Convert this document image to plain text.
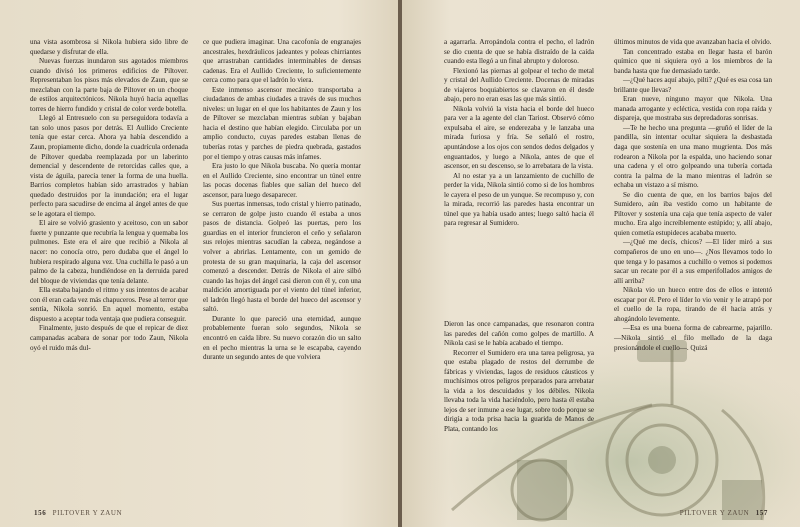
una vista asombrosa si Nikola hubiera sido libre de quedarse y disfrutar de ella.

Nuevas fuerzas inundaron sus agotados miembros cuando divisó los primeros edificios de Piltover. Representaban los pisos más elevados de Zaun, que se mezclaban con la parte baja de Piltover en un choque de estilos arquitectónicos. Nikola huyó hacia aquellas torres de hierro fundido y cristal de color verde botella.

Llegó al Entresuelo con su perseguidora todavía a tan solo unos pasos por detrás. El Aullido Creciente tenía que estar cerca. Ahora ya había descendido a Zaun, propiamente dicho, donde la cuadrícula ordenada de Piltover quedaba reemplazada por un laberinto demencial y descendente de retorcidas calles que, a vista de águila, parecía tener la forma de una huella. Barrios completos habían sido arrastrados y habían quedado destruidos por la inundación; era el lugar perfecto para sacudirse de encima al ángel antes de que se le agotara el tiempo.

El aire se volvió grasiento y aceitoso, con un sabor fuerte y punzante que recubría la lengua y quemaba los pulmones. Este era el aire que recibió a Nikola al nacer: no conocía otro, pero dudaba que el ángel lo hubiera respirado alguna vez. Una cuchilla le pasó a un palmo de la cabeza, hundiéndose en la derruida pared del bloque de viviendas que tenía delante.

Ella estaba bajando el ritmo y sus intentos de acabar con él eran cada vez más chapuceros. Pese al terror que sentía, Nikola sonrió. En aquel momento, estaba dispuesto a aceptar toda ventaja que pudiera conseguir.

Finalmente, justo después de que el repicar de diez campanadas acabara de sonar por todo Zaun, Nikola oyó el ruido más dul-

ce que pudiera imaginar. Una cacofonía de engranajes ancestrales, hexdráulicos jadeantes y poleas chirriantes que arrastraban cantidades interminables de densas cadenas. Era el Aullido Creciente, lo suficientemente cerca como para que el ladrón lo viera.

Este inmenso ascensor mecánico transportaba a ciudadanos de ambas ciudades a través de sus muchos niveles: un lugar en el que los habitantes de Zaun y los de Piltover se mezclaban mientras subían y bajaban hacia el destino que habían elegido. Circulaba por un amplio conducto, cuyas paredes estaban llenas de tuberías rotas y parches de piedra quebrada, gastados por el tiempo y otras causas más infames.

Era justo lo que Nikola buscaba. No quería montar en el Aullido Creciente, sino encontrar un túnel entre las pocas docenas fiables que salían del hueco del ascensor, para luego desaparecer.

Sus puertas inmensas, todo cristal y hierro patinado, se cerraron de golpe justo cuando él estaba a unos pasos de distancia. Golpeó las puertas, pero los guardias en el interior fruncieron el ceño y señalaron sus relojes mientras sacudían la cabeza, negándose a volver a abrirlas. Lentamente, con un gemido de protesta de su gran maquinaria, la caja del ascensor comenzó a descender. Detrás de Nikola el aire silbó cuando las hojas del ángel casi dieron con él y, con una maldición amortiguada por el viento del túnel inferior, el ladrón llegó hasta el borde del hueco del ascensor y saltó.

Durante lo que pareció una eternidad, aunque probablemente fueran solo segundos, Nikola se encontró en caída libre. Su nuevo corazón dio un salto en el pecho mientras la urna se le escapaba, cayendo durante un segundo antes de que volviera

156 PILTOVER Y ZAUN

a agarrarla. Arropándola contra el pecho, el ladrón se dio cuenta de que se había distraído de la caída cuando esta llegó a un final abrupto y doloroso.

Flexionó las piernas al golpear el techo de metal y cristal del Aullido Creciente. Docenas de miradas de viajeros boquiabiertos se clavaron en él desde abajo, pero no eran esas las que más sintió.

Nikola volvió la vista hacia el borde del hueco para ver a la agente del clan Tariost. Observó cómo expulsaba el aire, se enderezaba y le lanzaba una mirada furiosa y fría. Se señaló el rostro, apuntándose a los ojos con sendos dedos delgados y enguantados, y luego a Nikola, antes de que el ascensor, en su descenso, se lo arrebatara de la vista.

Al no estar ya a un lanzamiento de cuchillo de perder la vida, Nikola sintió como si de los hombros le cayera el peso de un yunque. Se recompuso y, con la mirada, recorrió las paredes hasta encontrar un túnel que ya había usado antes; luego saltó hacia él para regresar al Sumidero.

Dieron las once campanadas, que resonaron contra las paredes del cañón como golpes de martillo. A Nikola casi se le había acabado el tiempo.

Recorrer el Sumidero era una tarea peligrosa, ya que estaba plagado de restos del derrumbe de fábricas y viviendas, lagos de residuos cáusticos y muchísimos otros peligros preparados para arrebatar la vida a los descuidados y los débiles. Nikola llevaba toda la vida haciéndolo, pero hasta él estaba lejos de ser inmune a ese lugar, sobre todo porque se dirigía a toda prisa hacia la guarida de Manos de Plata, contando los

últimos minutos de vida que avanzaban hacia el olvido.

Tan concentrado estaba en llegar hasta el barón químico que ni siquiera oyó a los miembros de la banda hasta que fue demasiado tarde.

—¿Qué haces aquí abajo, pilti? ¿Qué es esa cosa tan brillante que llevas?

Eran nueve, ninguno mayor que Nikola. Una manada arrogante y ecléctica, vestida con ropa raída y dispareja, que mostraba sus depredadoras sonrisas.

—Te he hecho una pregunta —gruñó el líder de la pandilla, sin intentar ocultar siquiera la desbastada daga que sostenía en una mano mugrienta. Dos más rodearon a Nikola por la espalda, uno haciendo sonar una cadena y el otro golpeando una tubería cortada contra la palma de la mano mientras el ladrón se echaba un vistazo a sí mismo.

Se dio cuenta de que, en los barrios bajos del Sumidero, aún iba vestido como un habitante de Piltover y sostenía una caja que tenía aspecto de valer mucho. Era algo increíblemente estúpido; y, allí abajo, quien cometía estupideces acababa muerto.

—¿Qué me decís, chicos? —El líder miró a sus compañeros de uno en uno—. ¿Nos llevamos todo lo que tenga y lo pasamos a cuchillo o vemos si podemos sacar un recate por él a sus emperifollados amigos de allí arriba?

Nikola vio un hueco entre dos de ellos e intentó escapar por él. Pero el líder lo vio venir y le atrapó por el cuello de la ropa, tirando de él hacia atrás y ahogándolo levemente.

—Esa es una buena forma de cabrearme, pajarillo. —Nikola sintió el filo mellado de la daga presionándole el cuello—. Quizá

PILTOVER Y ZAUN 157
